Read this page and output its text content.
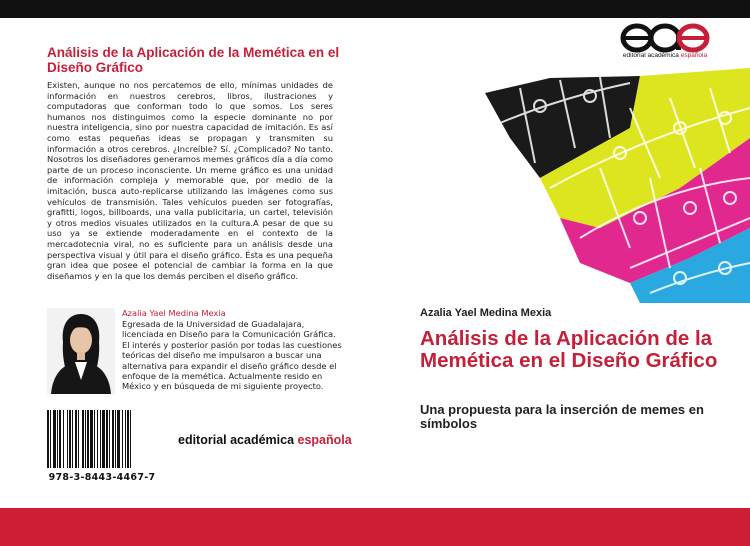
Análisis de la Aplicación de la Memética en el Diseño Gráfico
Existen, aunque no nos percatemos de ello, mínimas unidades de información en nuestros cerebros, libros, ilustraciones y computadoras que conforman todo lo que somos. Los seres humanos nos distinguimos como la especie dominante no por nuestra inteligencia, sino por nuestra capacidad de imitación. Es así como estas pequeñas ideas se propagan y transmiten su información a otros cerebros. ¿Increíble? Sí. ¿Complicado? No tanto. Nosotros los diseñadores generamos memes gráficos día a día como parte de un proceso inconsciente. Un meme gráfico es una unidad de información compleja y memorable que, por medio de la imitación, busca auto-replicarse utilizando las imágenes como sus vehículos de transmisión. Tales vehículos pueden ser fotografías, grafitti, logos, billboards, una valla publicitaria, un cartel, televisión y otros medios visuales utilizados en la cultura.A pesar de que su uso ya se extiende moderadamente en el contexto de la mercadotecnia viral, no es suficiente para un análisis desde una perspectiva visual y útil para el diseño gráfico. Ésta es una pequeña gran idea que posee el potencial de cambiar la forma en la que diseñamos y en la que los demás perciben el diseño gráfico.
Azalia Yael Medina Mexia
Egresada de la Universidad de Guadalajara, licenciada en Diseño para la Comunicación Gráfica. El interés y posterior pasión por todas las cuestiones teóricas del diseño me impulsaron a buscar una alternativa para expandir el diseño gráfico desde el enfoque de la memética. Actualmente resido en México y en búsqueda de mi siguiente proyecto.
978-3-8443-4467-7
editorial académica española
editorial académica española
Azalia Yael Medina Mexia
Análisis de la Aplicación de la Memética en el Diseño Gráfico
Una propuesta para la inserción de memes en símbolos
